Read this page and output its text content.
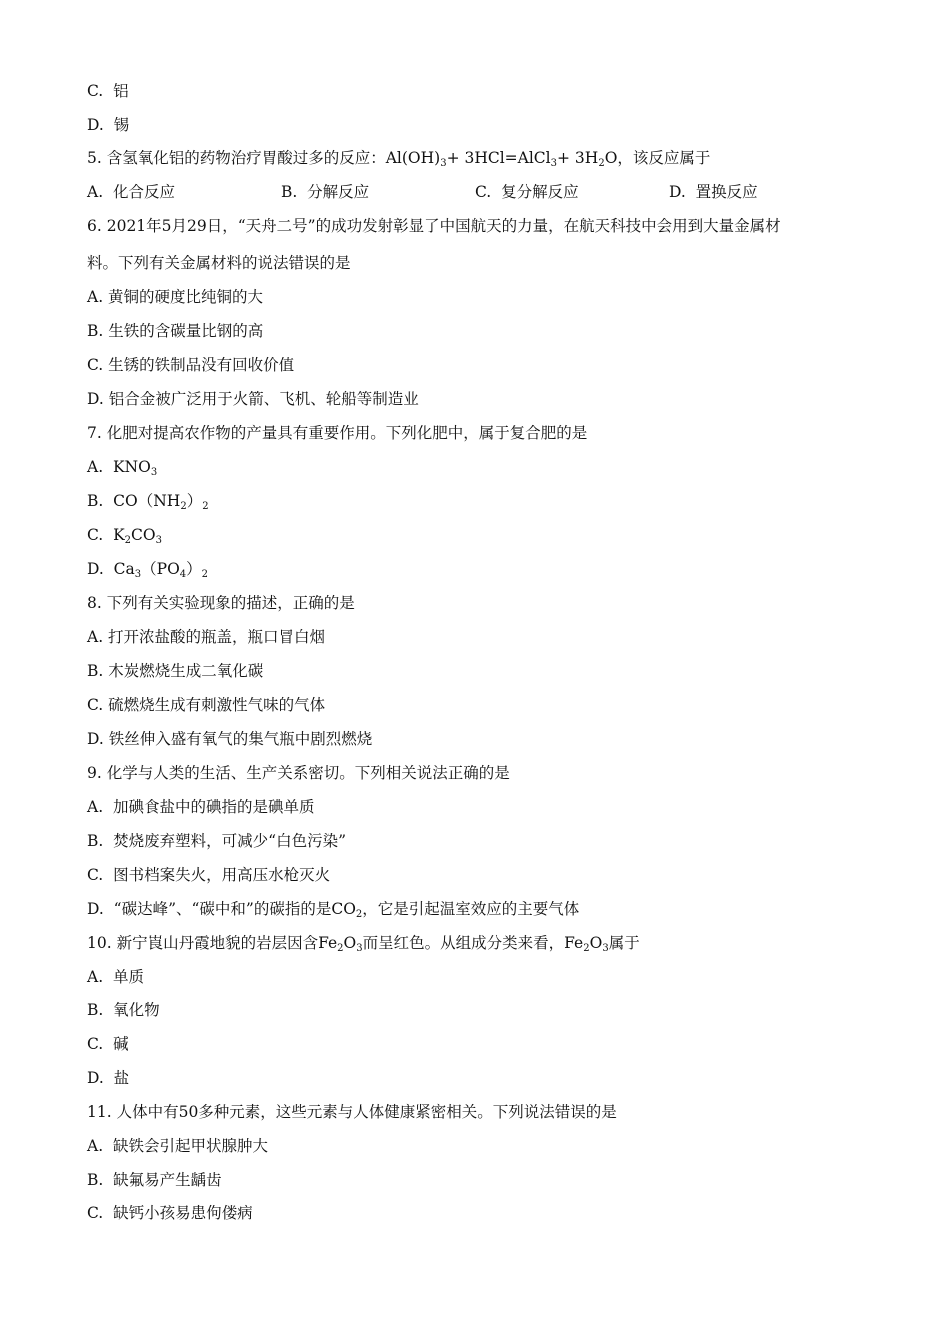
C.  铝
D.  锡
5. 含氢氧化铝的药物治疗胃酸过多的反应：$Al(OH)_3+$ 3HCl=AlCl$_3$+ $3H_2O$，该反应属于
A.  化合反应	B.  分解反应	C.  复分解反应	D.  置换反应
6. 2021年5月29日，“天舟二号”的成功发射彰显了中国航天的力量，在航天科技中会用到大量金属材
料。下列有关金属材料的说法错误的是
A. 黄铜的硬度比纯铜的大
B. 生铁的含碳量比钢的高
C. 生锈的铁制品没有回收价值
D. 铝合金被广泛用于火箭、飞机、轮船等制造业
7. 化肥对提高农作物的产量具有重要作用。下列化肥中，属于复合肥的是
A.  $KNO_3$
B.  $CO(NH_2)_2$
C.  $K_2CO_3$
D.  $Ca_3(PO_4)_2$
8. 下列有关实验现象的描述，正确的是
A. 打开浓盐酸的瓶盖，瓶口冒白烟
B. 木炭燃烧生成二氧化碳
C. 硫燃烧生成有刺激性气味的气体
D. 铁丝伸入盛有氧气的集气瓶中剧烈燃烧
9. 化学与人类的生活、生产关系密切。下列相关说法正确的是
A.  加碘食盐中的碘指的是碘单质
B.  焚烧废弃塑料，可减少“白色污染”
C.  图书档案失火，用高压水枪灭火
D.  “碳达峰”、“碳中和”的碳指的是$CO_2$，它是引起温室效应的主要气体
10. 新宁崀山丹霞地貌的岩层因含$Fe_2O_3$而呈红色。从组成分类来看，$Fe_2O_3$属于
A.  单质
B.  氧化物
C.  碱
D.  盐
11. 人体中有50多种元素，这些元素与人体健康紧密相关。下列说法错误的是
A.  缺铁会引起甲状腺肿大
B.  缺氟易产生龋齿
C.  缺钙小孩易患佝偻病
